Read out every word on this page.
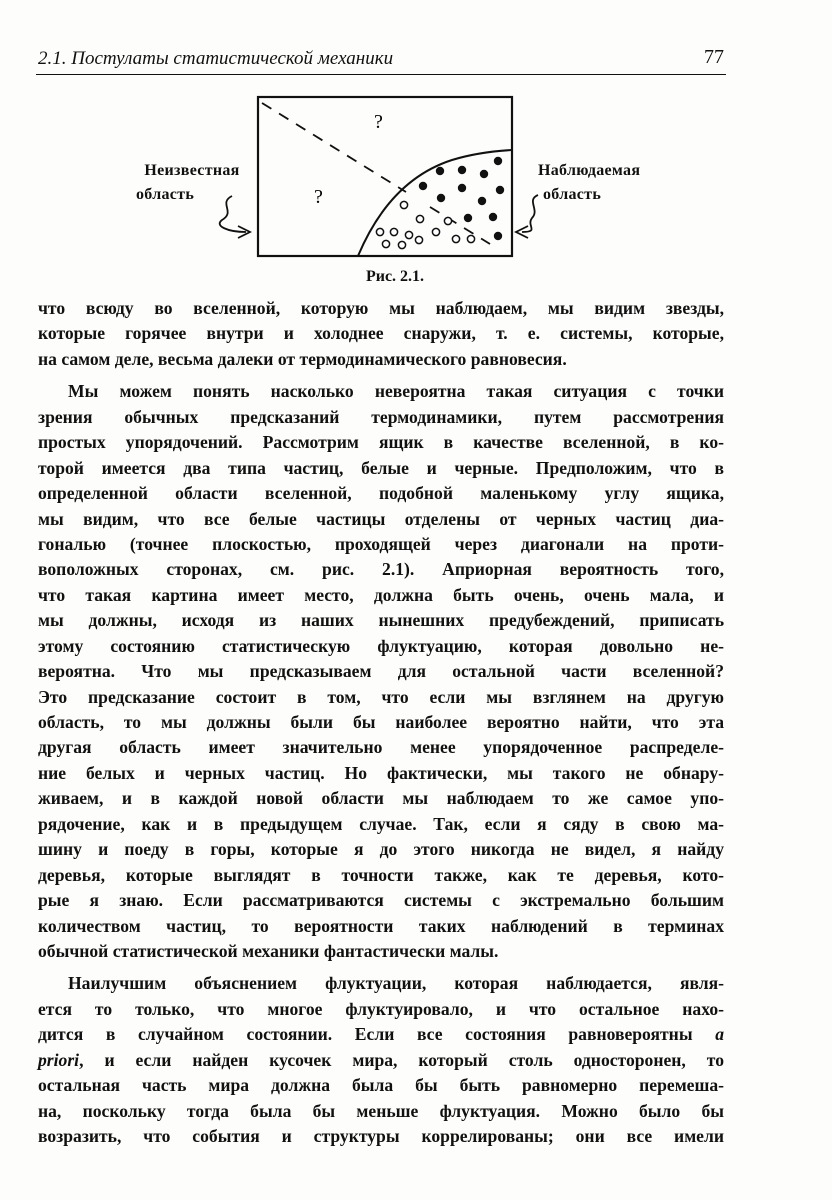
2.1. Постулаты статистической механики	77
?
?
Неизвестная
область
Наблюдаемая
область
Рис. 2.1.
что всюду во вселенной, которую мы наблюдаем, мы видим звезды,
которые горячее внутри и холоднее снаружи, т. е. системы, которые,
на самом деле, весьма далеки от термодинамического равновесия.
Мы можем понять насколько невероятна такая ситуация с точки
зрения обычных предсказаний термодинамики, путем рассмотрения
простых упорядочений. Рассмотрим ящик в качестве вселенной, в ко-
торой имеется два типа частиц, белые и черные. Предположим, что в
определенной области вселенной, подобной маленькому углу ящика,
мы видим, что все белые частицы отделены от черных частиц диа-
гональю (точнее плоскостью, проходящей через диагонали на проти-
воположных сторонах, см. рис. 2.1). Априорная вероятность того,
что такая картина имеет место, должна быть очень, очень мала, и
мы должны, исходя из наших нынешних предубеждений, приписать
этому состоянию статистическую флуктуацию, которая довольно не-
вероятна. Что мы предсказываем для остальной части вселенной?
Это предсказание состоит в том, что если мы взглянем на другую
область, то мы должны были бы наиболее вероятно найти, что эта
другая область имеет значительно менее упорядоченное распределе-
ние белых и черных частиц. Но фактически, мы такого не обнару-
живаем, и в каждой новой области мы наблюдаем то же самое упо-
рядочение, как и в предыдущем случае. Так, если я сяду в свою ма-
шину и поеду в горы, которые я до этого никогда не видел, я найду
деревья, которые выглядят в точности также, как те деревья, кото-
рые я знаю. Если рассматриваются системы с экстремально большим
количеством частиц, то вероятности таких наблюдений в терминах
обычной статистической механики фантастически малы.
Наилучшим объяснением флуктуации, которая наблюдается, явля-
ется то только, что многое флуктуировало, и что остальное нахо-
дится в случайном состоянии. Если все состояния равновероятны a
priori, и если найден кусочек мира, который столь односторонен, то
остальная часть мира должна была бы быть равномерно перемеша-
на, поскольку тогда была бы меньше флуктуация. Можно было бы
возразить, что события и структуры коррелированы; они все имели
